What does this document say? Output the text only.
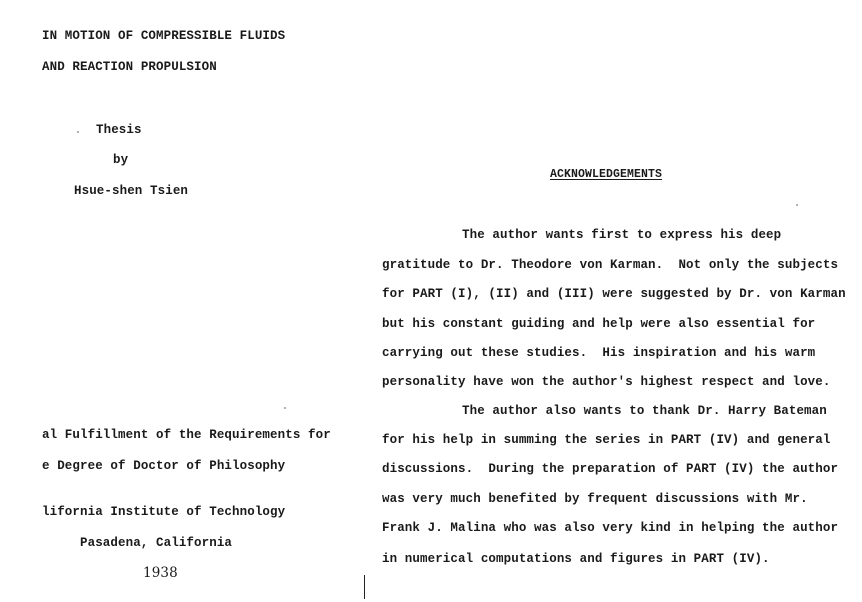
IN MOTION OF COMPRESSIBLE FLUIDS
AND REACTION PROPULSION
Thesis
by
Hsue-shen Tsien
al Fulfillment of the Requirements for
e Degree of Doctor of Philosophy
lifornia Institute of Technology
Pasadena, California
1938
ACKNOWLEDGEMENTS
The author wants first to express his deep
gratitude to Dr. Theodore von Karman.  Not only the subjects
for PART (I), (II) and (III) were suggested by Dr. von Karman
but his constant guiding and help were also essential for
carrying out these studies.  His inspiration and his warm
personality have won the author's highest respect and love.
The author also wants to thank Dr. Harry Bateman
for his help in summing the series in PART (IV) and general
discussions.  During the preparation of PART (IV) the author
was very much benefited by frequent discussions with Mr.
Frank J. Malina who was also very kind in helping the author
in numerical computations and figures in PART (IV).
